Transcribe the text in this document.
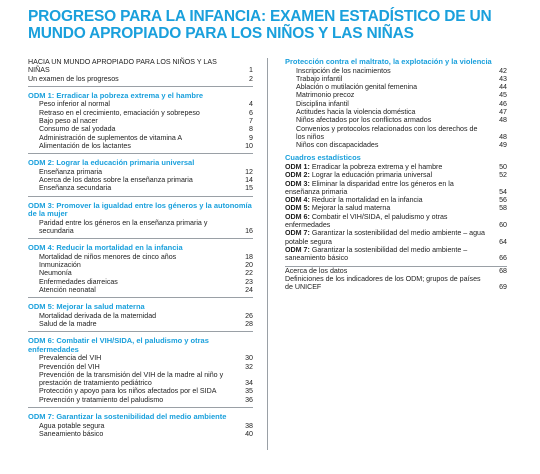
PROGRESO PARA LA INFANCIA: EXAMEN ESTADÍSTICO DE UN MUNDO APROPIADO PARA LOS NIÑOS Y LAS NIÑAS
HACIA UN MUNDO APROPIADO PARA LOS NIÑOS Y LAS NIÑAS	1
Un examen de los progresos	2
ODM 1: Erradicar la pobreza extrema y el hambre
Peso inferior al normal	4
Retraso en el crecimiento, emaciación y sobrepeso	6
Bajo peso al nacer	7
Consumo de sal yodada	8
Administración de suplementos de vitamina A	9
Alimentación de los lactantes	10
ODM 2: Lograr la educación primaria universal
Enseñanza primaria	12
Acerca de los datos sobre la enseñanza primaria	14
Enseñanza secundaria	15
ODM 3: Promover la igualdad entre los géneros y la autonomía de la mujer
Paridad entre los géneros en la enseñanza primaria y secundaria	16
ODM 4: Reducir la mortalidad en la infancia
Mortalidad de niños menores de cinco años	18
Inmunización	20
Neumonía	22
Enfermedades diarreicas	23
Atención neonatal	24
ODM 5: Mejorar la salud materna
Mortalidad derivada de la maternidad	26
Salud de la madre	28
ODM 6: Combatir el VIH/SIDA, el paludismo y otras enfermedades
Prevalencia del VIH	30
Prevención del VIH	32
Prevención de la transmisión del VIH de la madre al niño y prestación de tratamiento pediátrico	34
Protección y apoyo para los niños afectados por el SIDA	35
Prevención y tratamiento del paludismo	36
ODM 7: Garantizar la sostenibilidad del medio ambiente
Agua potable segura	38
Saneamiento básico	40
Protección contra el maltrato, la explotación y la violencia
Inscripción de los nacimientos	42
Trabajo infantil	43
Ablación o mutilación genital femenina	44
Matrimonio precoz	45
Disciplina infantil	46
Actitudes hacia la violencia doméstica	47
Niños afectados por los conflictos armados	48
Convenios y protocolos relacionados con los derechos de los niños	48
Niños con discapacidades	49
Cuadros estadísticos
ODM 1: Erradicar la pobreza extrema y el hambre	50
ODM 2: Lograr la educación primaria universal	52
ODM 3: Eliminar la disparidad entre los géneros en la enseñanza primaria	54
ODM 4: Reducir la mortalidad en la infancia	56
ODM 5: Mejorar la salud materna	58
ODM 6: Combatir el VIH/SIDA, el paludismo y otras enfermedades	60
ODM 7: Garantizar la sostenibilidad del medio ambiente – agua potable segura	64
ODM 7: Garantizar la sostenibilidad del medio ambiente – saneamiento básico	66
Acerca de los datos	68
Definiciones de los indicadores de los ODM; grupos de países de UNICEF	69
